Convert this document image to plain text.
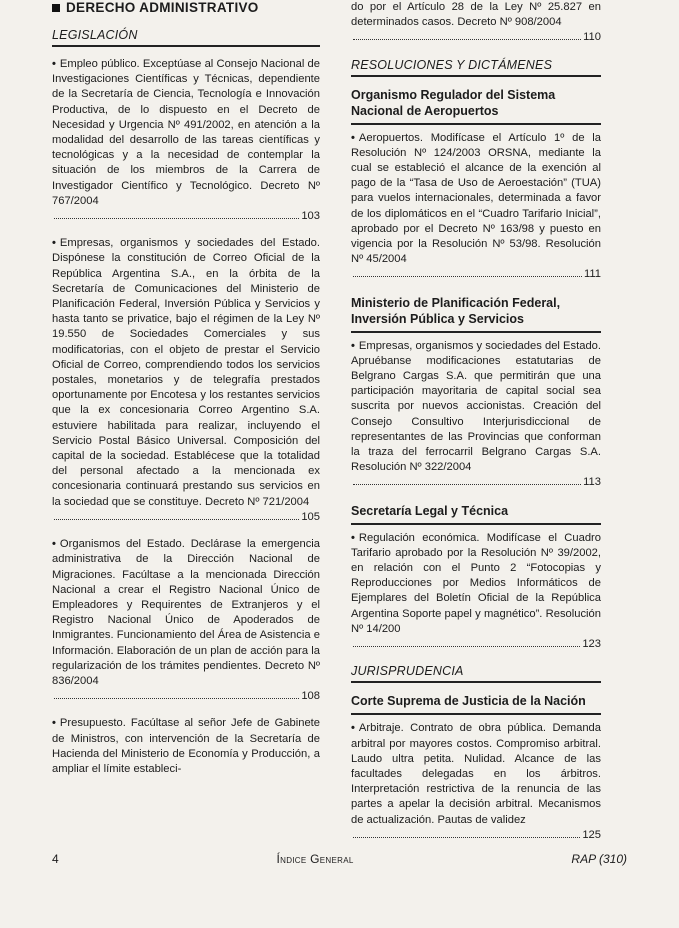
DERECHO ADMINISTRATIVO
LEGISLACIÓN

• Empleo público. Exceptúase al Consejo Nacional de Investigaciones Científicas y Técnicas, dependiente de la Secretaría de Ciencia, Tecnología e Innovación Productiva, de lo dispuesto en el Decreto de Necesidad y Urgencia Nº 491/2002, en atención a la modalidad del desarrollo de las tareas científicas y tecnológicas y a la necesidad de contemplar la situación de los miembros de la Carrera de Investigador Científico y Tecnológico. Decreto Nº 767/2004
103

• Empresas, organismos y sociedades del Estado. Dispónese la constitución de Correo Oficial de la República Argentina S.A., en la órbita de la Secretaría de Comunicaciones del Ministerio de Planificación Federal, Inversión Pública y Servicios y hasta tanto se privatice, bajo el régimen de la Ley Nº 19.550 de Sociedades Comerciales y sus modificatorias, con el objeto de prestar el Servicio Oficial de Correo, comprendiendo todos los servicios postales, monetarios y de telegrafía prestados oportunamente por Encotesa y los restantes servicios que la ex concesionaria Correo Argentino S.A. estuviere habilitada para realizar, incluyendo el Servicio Postal Básico Universal. Composición del capital de la sociedad. Establécese que la totalidad del personal afectado a la mencionada ex concesionaria continuará prestando sus servicios en la sociedad que se constituye. Decreto Nº 721/2004
105

• Organismos del Estado. Declárase la emergencia administrativa de la Dirección Nacional de Migraciones. Facúltase a la mencionada Dirección Nacional a crear el Registro Nacional Único de Empleadores y Requirentes de Extranjeros y el Registro Nacional Único de Apoderados de Inmigrantes. Funcionamiento del Área de Asistencia e Información. Elaboración de un plan de acción para la regularización de los trámites pendientes. Decreto Nº 836/2004
108

• Presupuesto. Facúltase al señor Jefe de Gabinete de Ministros, con intervención de la Secretaría de Hacienda del Ministerio de Economía y Producción, a ampliar el límite estableci-

do por el Artículo 28 de la Ley Nº 25.827 en determinados casos. Decreto Nº 908/2004
110

RESOLUCIONES Y DICTÁMENES
Organismo Regulador del Sistema Nacional de Aeropuertos

• Aeropuertos. Modifícase el Artículo 1º de la Resolución Nº 124/2003 ORSNA, mediante la cual se estableció el alcance de la exención al pago de la “Tasa de Uso de Aeroestación” (TUA) para vuelos internacionales, determinada a favor de los diplomáticos en el “Cuadro Tarifario Inicial”, aprobado por el Decreto Nº 163/98 y puesto en vigencia por la Resolución Nº 53/98. Resolución Nº 45/2004
111

Ministerio de Planificación Federal, Inversión Pública y Servicios

• Empresas, organismos y sociedades del Estado. Apruébanse modificaciones estatutarias de Belgrano Cargas S.A. que permitirán que una participación mayoritaria de capital social sea suscrita por nuevos accionistas. Creación del Consejo Consultivo Interjurisdiccional de representantes de las Provincias que conforman la traza del ferrocarril Belgrano Cargas S.A. Resolución Nº 322/2004
113

Secretaría Legal y Técnica

• Regulación económica. Modifícase el Cuadro Tarifario aprobado por la Resolución Nº 39/2002, en relación con el Punto 2 “Fotocopias y Reproducciones por Medios Informáticos de Ejemplares del Boletín Oficial de la República Argentina Soporte papel y magnético”. Resolución Nº 14/200
123

JURISPRUDENCIA
Corte Suprema de Justicia de la Nación

• Arbitraje. Contrato de obra pública. Demanda arbitral por mayores costos. Compromiso arbitral. Laudo ultra petita. Nulidad. Alcance de las facultades delegadas en los árbitros. Interpretación restrictiva de la renuncia de las partes a apelar la decisión arbitral. Mecanismos de actualización. Pautas de validez
125

4	Índice General	RAP (310)
